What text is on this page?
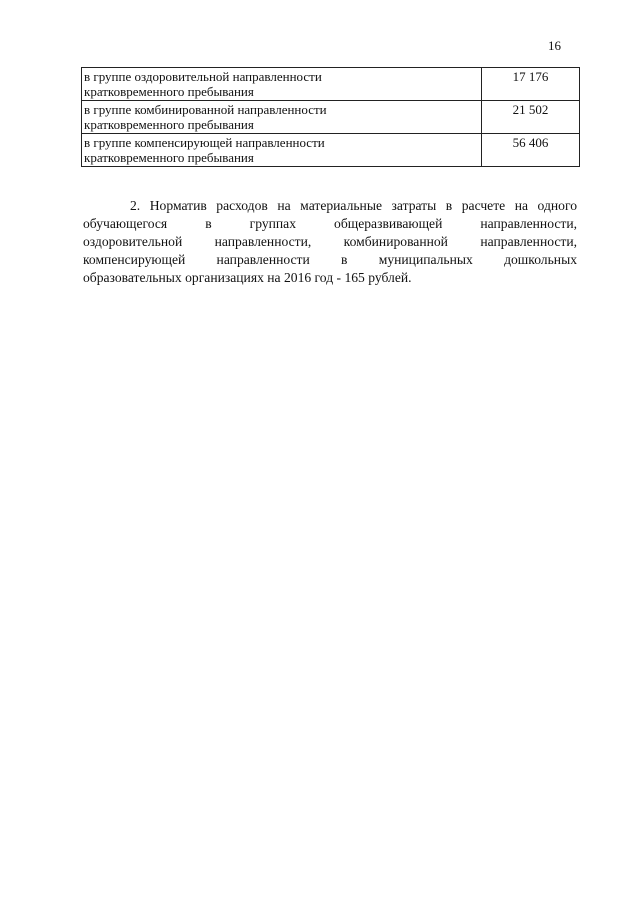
16
в группе оздоровительной направленности
кратковременного пребывания	17 176

в группе комбинированной направленности
кратковременного пребывания	21 502

в группе компенсирующей направленности
кратковременного пребывания	56 406
2. Норматив расходов на материальные затраты в расчете на одного
обучающегося в группах общеразвивающей направленности,
оздоровительной направленности, комбинированной направленности,
компенсирующей направленности в муниципальных дошкольных
образовательных организациях на 2016 год - 165 рублей.
